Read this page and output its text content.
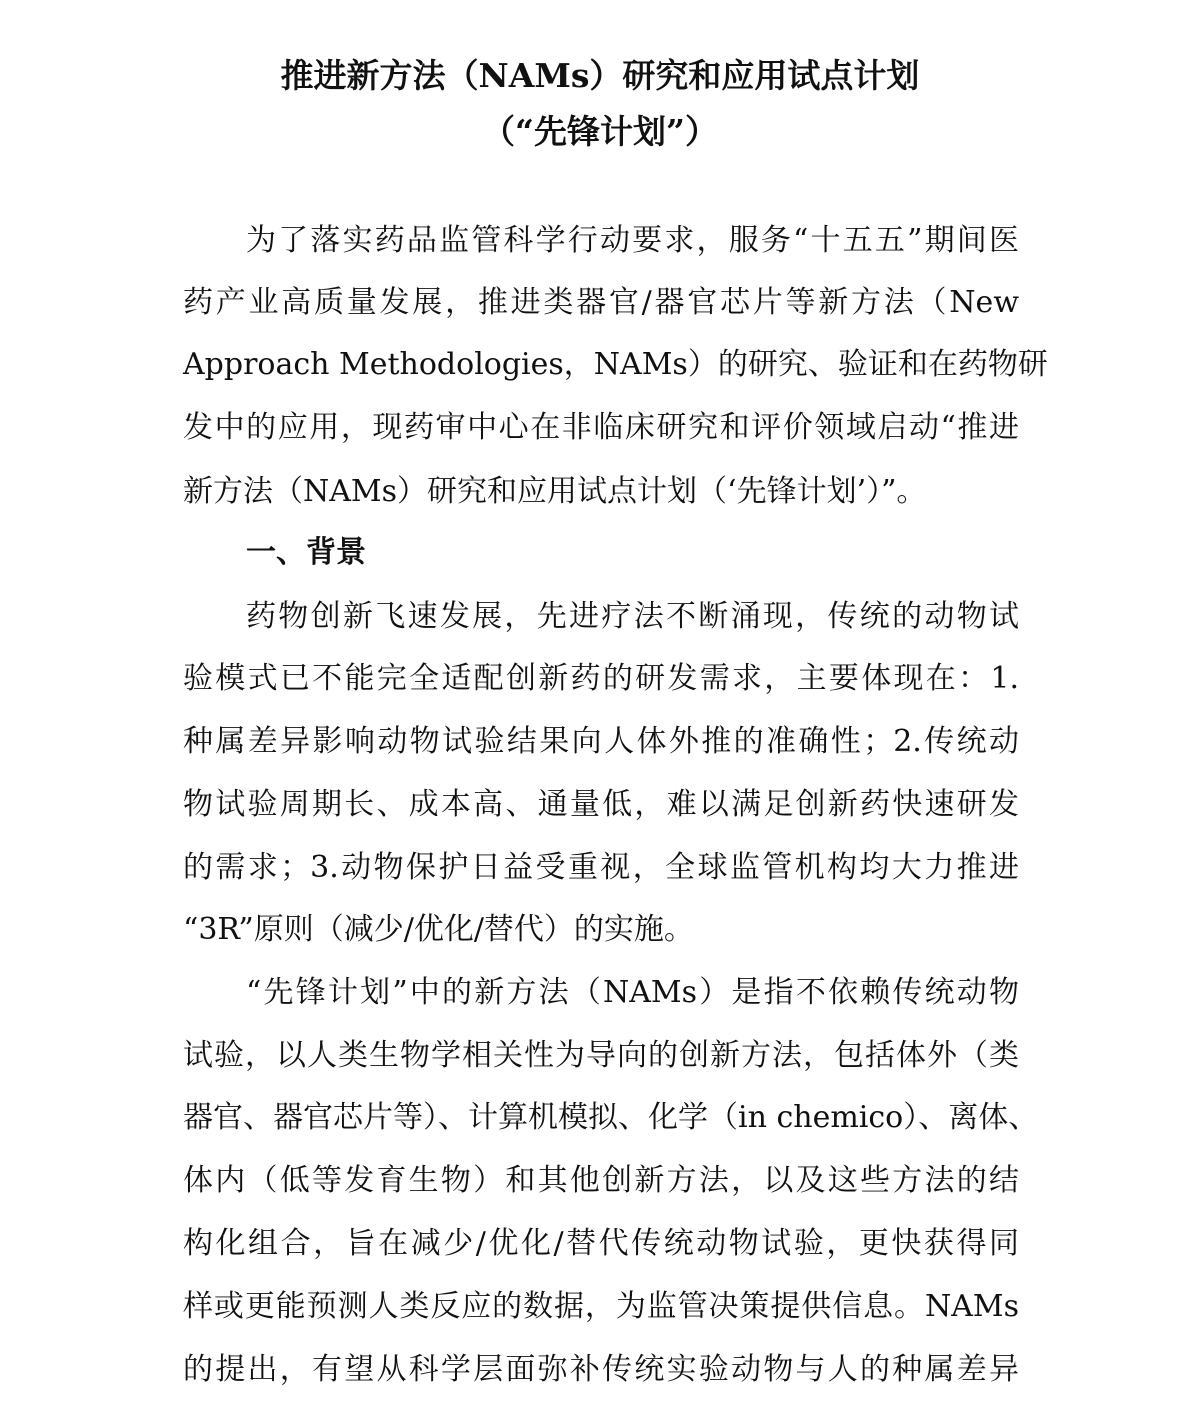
推进新方法（NAMs）研究和应用试点计划
（“先锋计划”）
为了落实药品监管科学行动要求，服务“十五五”期间医
药产业高质量发展，推进类器官/器官芯片等新方法（New
Approach Methodologies，NAMs）的研究、验证和在药物研
发中的应用，现药审中心在非临床研究和评价领域启动“推进
新方法（NAMs）研究和应用试点计划（‘先锋计划’）”。
一、背景
药物创新飞速发展，先进疗法不断涌现，传统的动物试
验模式已不能完全适配创新药的研发需求，主要体现在：1.
种属差异影响动物试验结果向人体外推的准确性；2.传统动
物试验周期长、成本高、通量低，难以满足创新药快速研发
的需求；3.动物保护日益受重视，全球监管机构均大力推进
“3R”原则（减少/优化/替代）的实施。
“先锋计划”中的新方法（NAMs）是指不依赖传统动物
试验，以人类生物学相关性为导向的创新方法，包括体外（类
器官、器官芯片等）、计算机模拟、化学（in chemico）、离体、
体内（低等发育生物）和其他创新方法，以及这些方法的结
构化组合，旨在减少/优化/替代传统动物试验，更快获得同
样或更能预测人类反应的数据，为监管决策提供信息。NAMs
的提出，有望从科学层面弥补传统实验动物与人的种属差异
